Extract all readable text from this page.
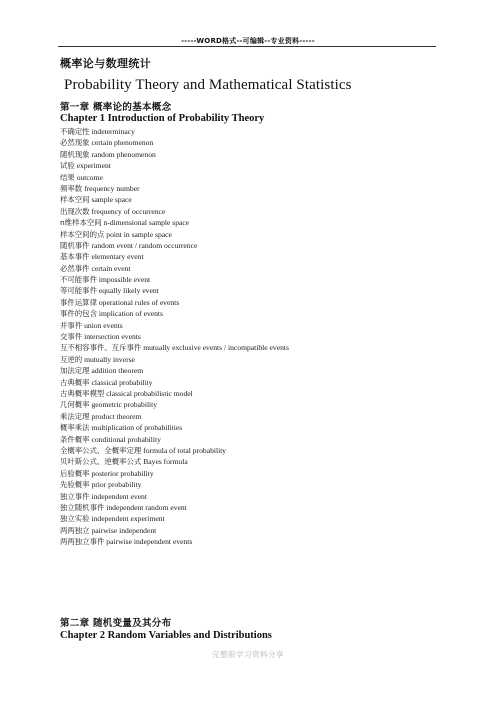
-----WORD格式--可编辑--专业资料-----
概率论与数理统计
Probability Theory and Mathematical Statistics
第一章 概率论的基本概念
Chapter 1 Introduction of Probability Theory
不确定性 indeterminacy
必然现象 certain phenomenon
随机现象 random phenomenon
试验 experiment
结果 outcome
频率数 frequency number
样本空间 sample space
出现次数 frequency of occurrence
n维样本空间 n-dimensional sample space
样本空间的点 point in sample space
随机事件 random event / random occurrence
基本事件 elementary event
必然事件 certain event
不可能事件 impossible event
等可能事件 equally likely event
事件运算律 operational rules of events
事件的包含 implication of events
并事件 union events
交事件 intersection events
互不相容事件、互斥事件 mutually exclusive events / incompatible events
互逆的 mutually inverse
加法定理 addition theorem
古典概率 classical probability
古典概率模型 classical probabilistic model
几何概率 geometric probability
乘法定理 product theorem
概率乘法 multiplication of probabilities
条件概率 conditional probability
全概率公式、全概率定理 formula of total probability
贝叶斯公式、逆概率公式 Bayes formula
后验概率 posterior probability
先验概率 prior probability
独立事件 independent event
独立随机事件 independent random event
独立实验 independent experiment
两两独立 pairwise independent
两两独立事件 pairwise independent events
第二章 随机变量及其分布
Chapter 2 Random Variables and Distributions
完整版学习资料分享
